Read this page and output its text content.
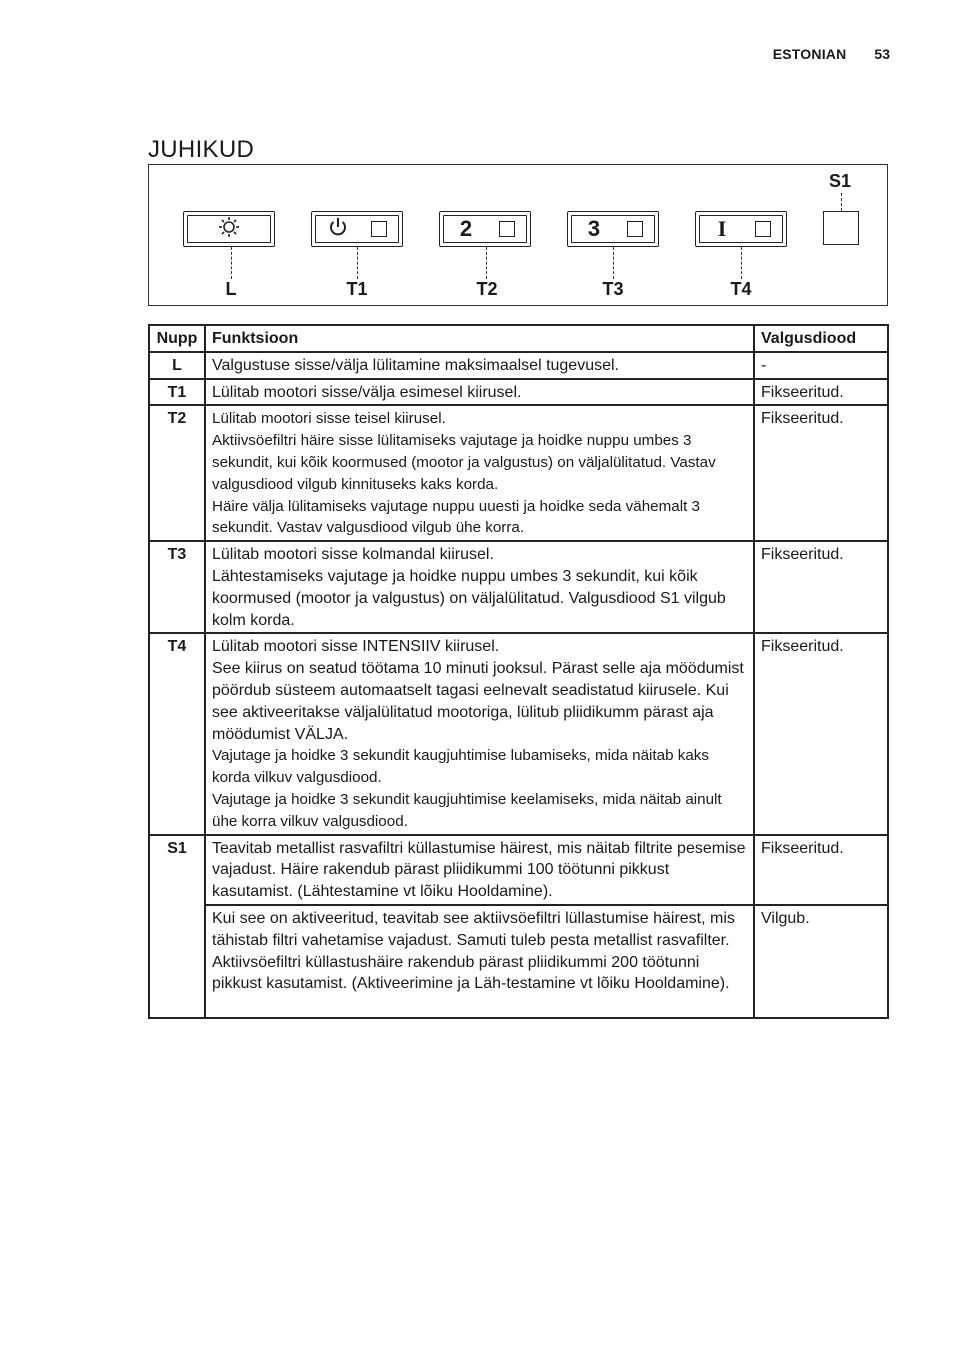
ESTONIAN 53
JUHIKUD
2	3	I
S1
L	T1	T2	T3	T4
Nupp	Funktsioon	Valgusdiood
L	Valgustuse sisse/välja lülitamine maksimaalsel tugevusel.	-
T1	Lülitab mootori sisse/välja esimesel kiirusel.	Fikseeritud.
T2	Lülitab mootori sisse teisel kiirusel.

Aktiivsöefiltri häire sisse lülitamiseks vajutage ja hoidke nuppu umbes 3 sekundit, kui kõik koormused (mootor ja valgustus) on väljalülitatud. Vastav valgusdiood vilgub kinnituseks kaks korda.

Häire välja lülitamiseks vajutage nuppu uuesti ja hoidke seda vähemalt 3 sekundit. Vastav valgusdiood vilgub ühe korra.	Fikseeritud.
T3	Lülitab mootori sisse kolmandal kiirusel.

Lähtestamiseks vajutage ja hoidke nuppu umbes 3 sekundit, kui kõik koormused (mootor ja valgustus) on väljalülitatud. Valgusdiood S1 vilgub kolm korda.	Fikseeritud.
T4	Lülitab mootori sisse INTENSIIV kiirusel.

See kiirus on seatud töötama 10 minuti jooksul. Pärast selle aja möödumist pöördub süsteem automaatselt tagasi eelnevalt seadistatud kiirusele. Kui see aktiveeritakse väljalülitatud mootoriga, lülitub pliidikumm pärast aja möödumist VÄLJA.

Vajutage ja hoidke 3 sekundit kaugjuhtimise lubamiseks, mida näitab kaks korda vilkuv valgusdiood.

Vajutage ja hoidke 3 sekundit kaugjuhtimise keelamiseks, mida näitab ainult ühe korra vilkuv valgusdiood.	Fikseeritud.
S1	Teavitab metallist rasvafiltri küllastumise häirest, mis näitab filtrite pesemise vajadust. Häire rakendub pärast pliidikummi 100 töötunni pikkust kasutamist. (Lähtestamine vt lõiku Hooldamine).	Fikseeritud.

	Kui see on aktiveeritud, teavitab see aktiivsöefiltri lüllastumise häirest, mis tähistab filtri vahetamise vajadust. Samuti tuleb pesta metallist rasvafilter. Aktiivsöefiltri küllastushäire rakendub pärast pliidikummi 200 töötunni pikkust kasutamist. (Aktiveerimine ja Läh-testamine vt lõiku Hooldamine).	Vilgub.
